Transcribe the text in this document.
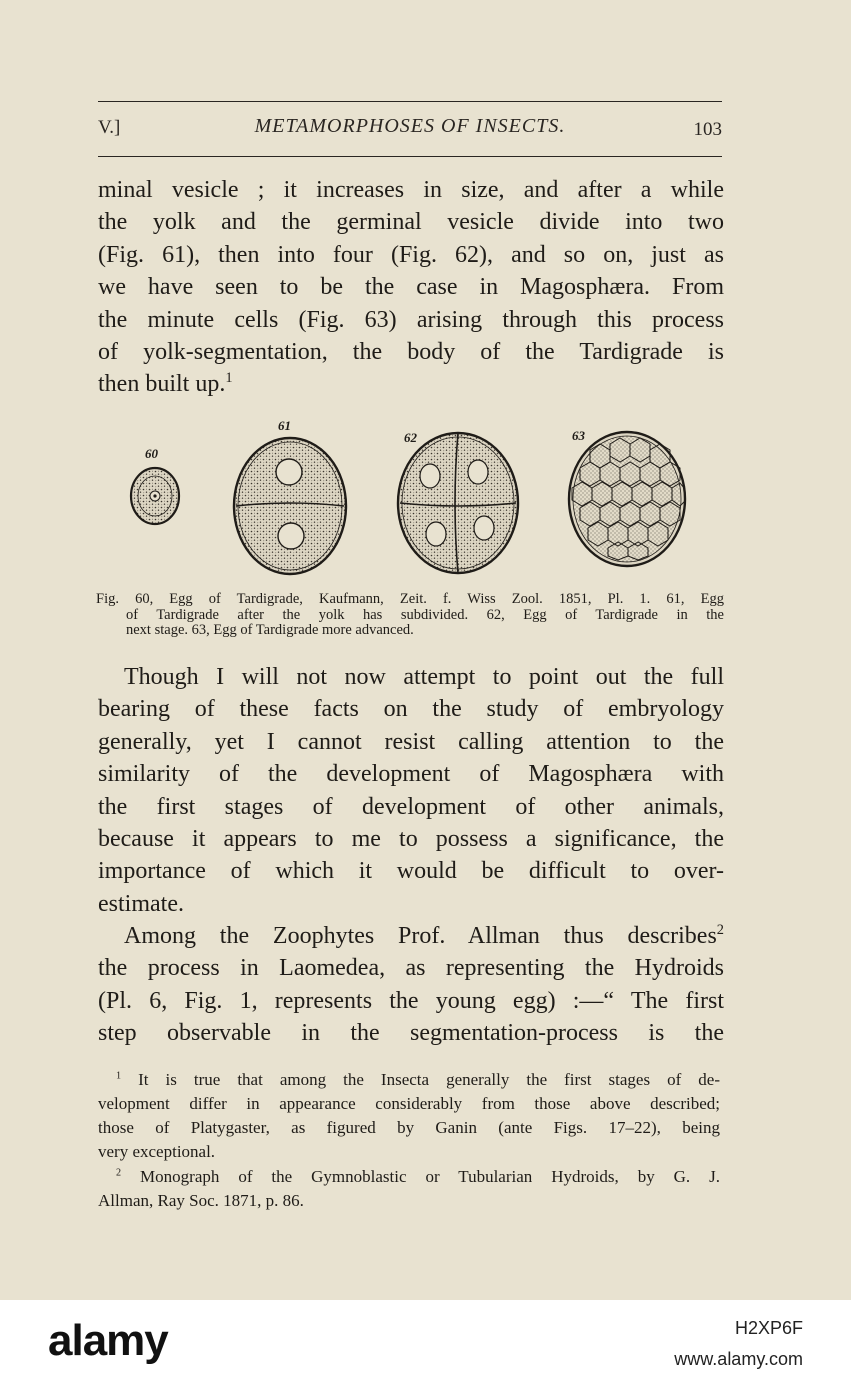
V.]	METAMORPHOSES OF INSECTS.	103
minal vesicle ; it increases in size, and after a while
the yolk and the germinal vesicle divide into two
(Fig. 61), then into four (Fig. 62), and so on, just as
we have seen to be the case in Magosphæra. From
the minute cells (Fig. 63) arising through this process
of yolk-segmentation, the body of the Tardigrade is
then built up.$^1$
60
61
62	63
Fig. 60, Egg of Tardigrade, Kaufmann, Zeit. f. Wiss Zool. 1851, Pl. 1. 61, Egg
of Tardigrade after the yolk has subdivided. 62, Egg of Tardigrade in the
next stage. 63, Egg of Tardigrade more advanced.
Though I will not now attempt to point out the full
bearing of these facts on the study of embryology
generally, yet I cannot resist calling attention to the
similarity of the development of Magosphæra with
the first stages of development of other animals,
because it appears to me to possess a significance, the
importance of which it would be difficult to over-
estimate.
Among the Zoophytes Prof. Allman thus describes$^2$
the process in Laomedea, as representing the Hydroids
(Pl. 6, Fig. 1, represents the young egg) :—“ The first
step observable in the segmentation-process is the
$^1$ It is true that among the Insecta generally the first stages of de-
velopment differ in appearance considerably from those above described;
those of Platygaster, as figured by Ganin (ante Figs. 17–22), being
very exceptional.
$^2$ Monograph of the Gymnoblastic or Tubularian Hydroids, by G. J.
Allman, Ray Soc. 1871, p. 86.
alamy	H2XP6F
www.alamy.com
